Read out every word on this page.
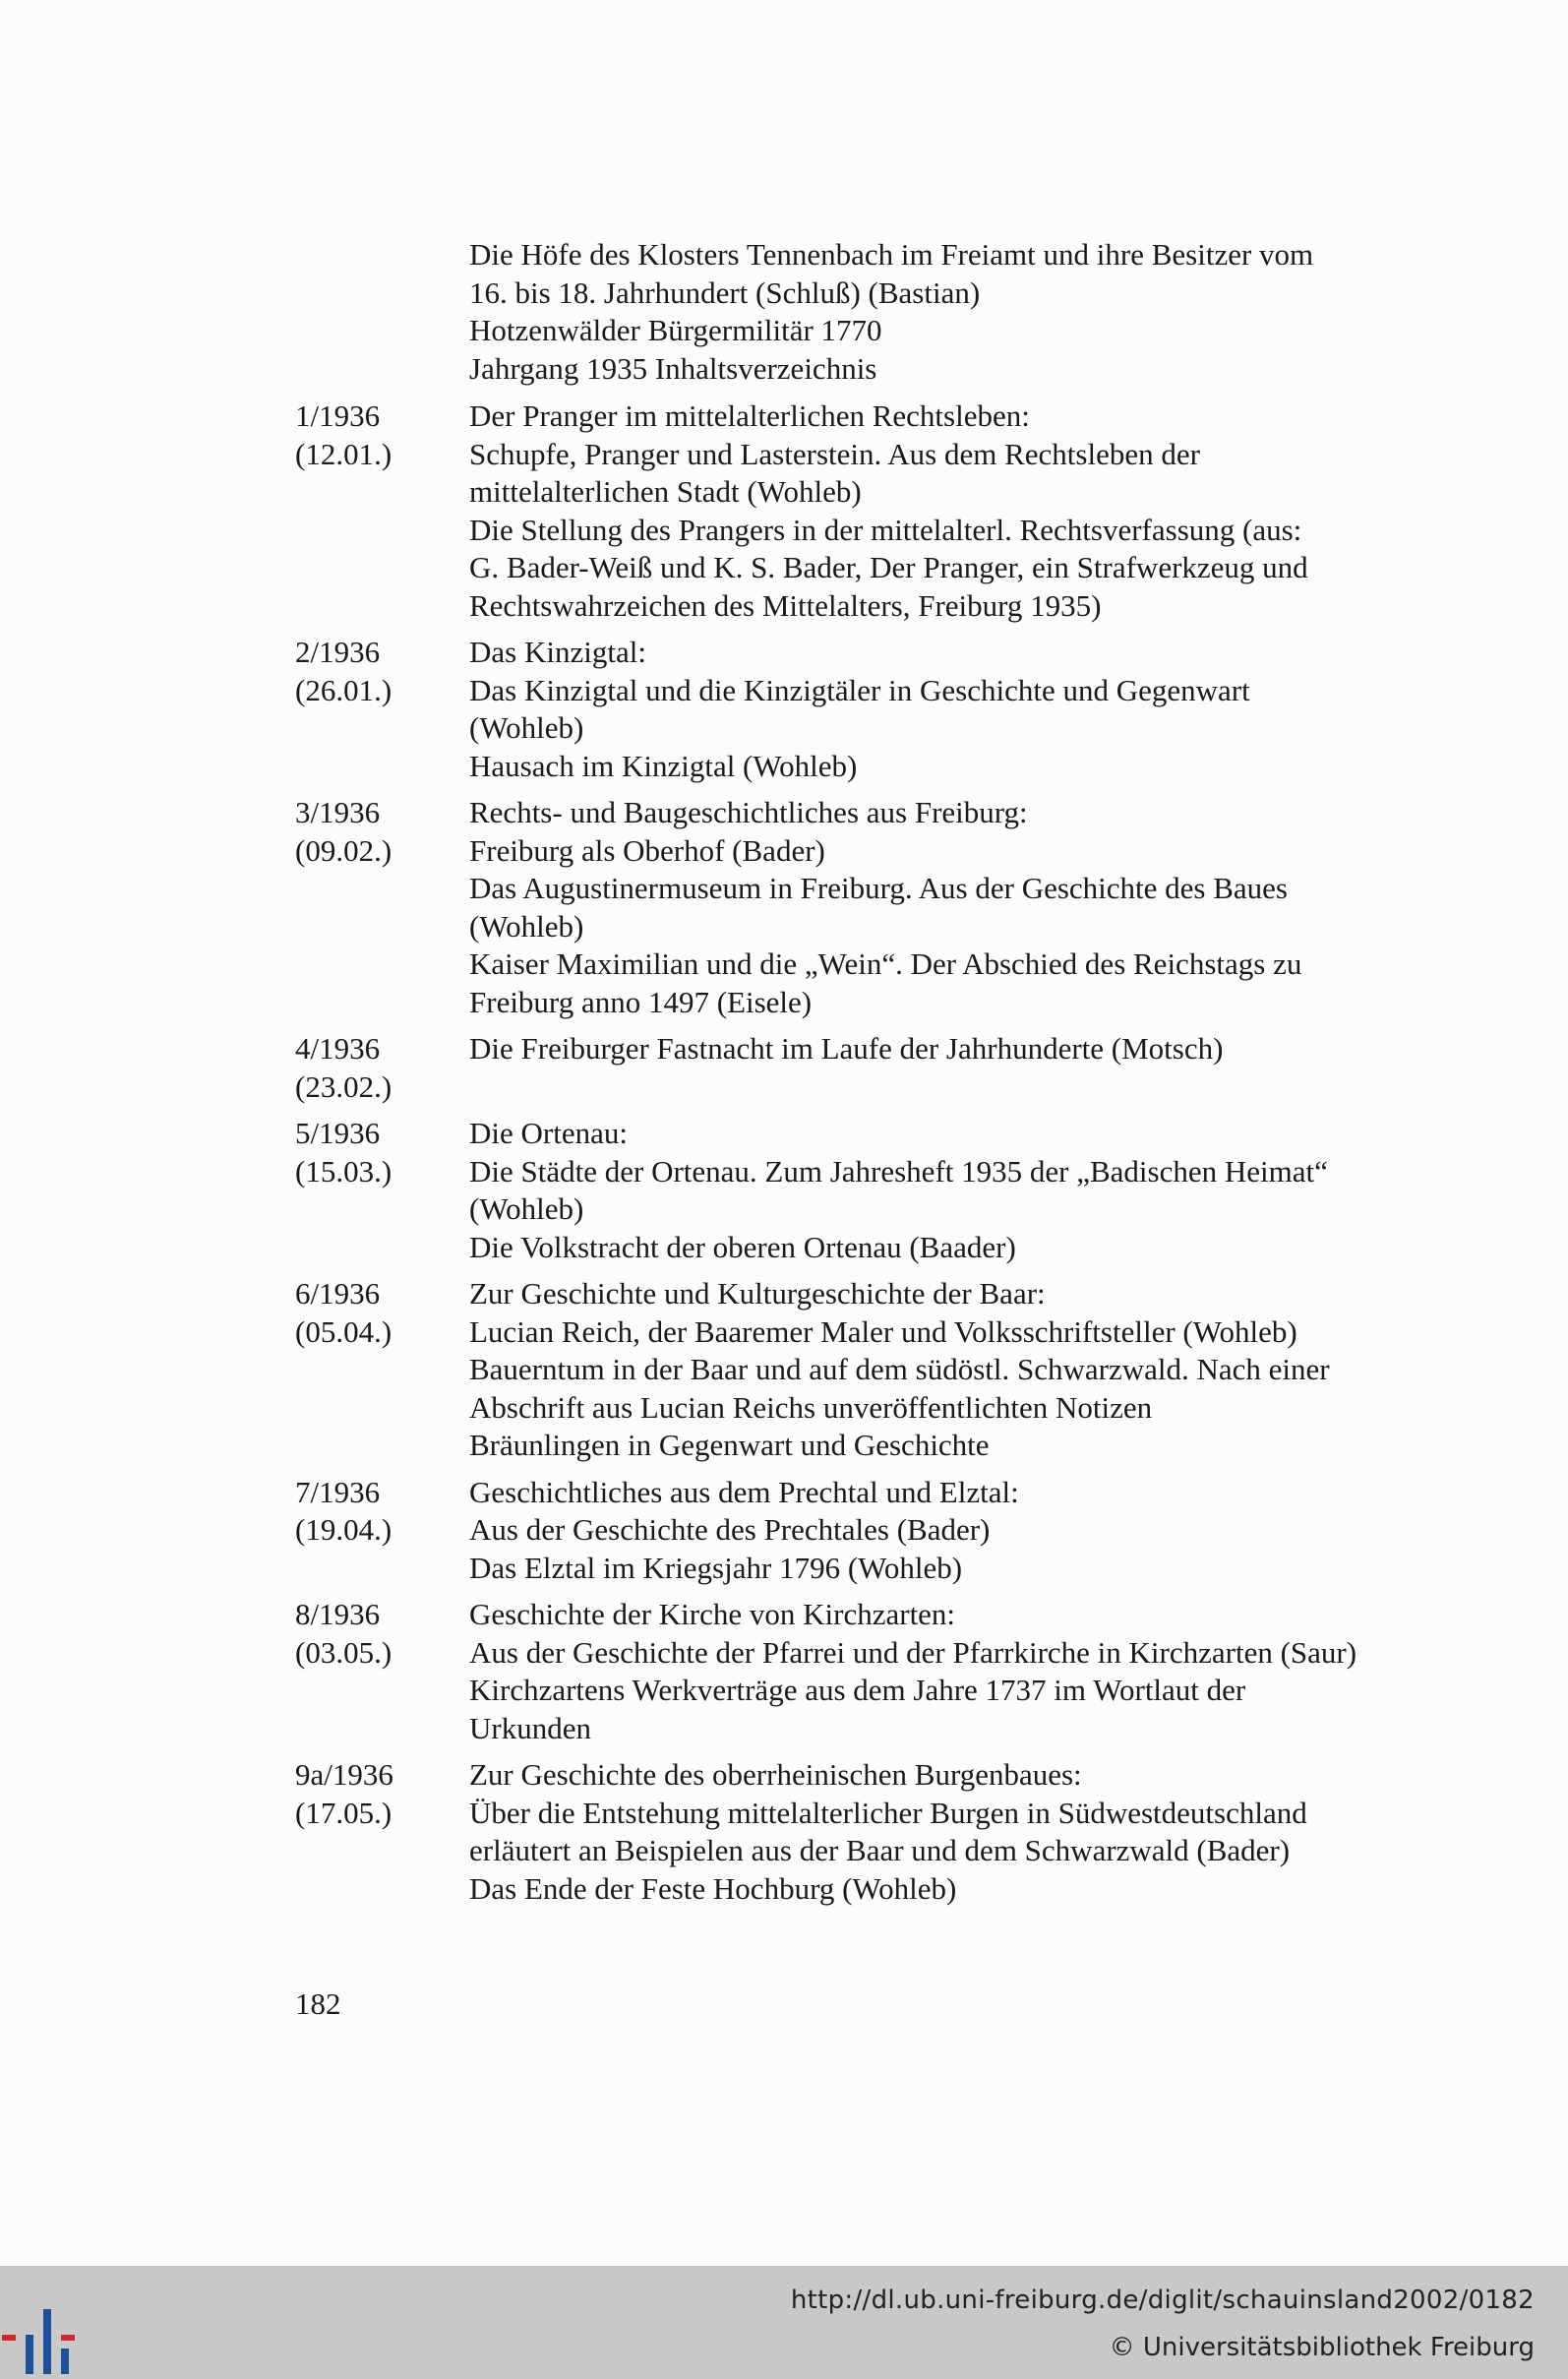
Die Höfe des Klosters Tennenbach im Freiamt und ihre Besitzer vom
16. bis 18. Jahrhundert (Schluß) (Bastian)
Hotzenwälder Bürgermilitär 1770
Jahrgang 1935 Inhaltsverzeichnis
1/1936
(12.01.)
Der Pranger im mittelalterlichen Rechtsleben:
Schupfe, Pranger und Lasterstein. Aus dem Rechtsleben der
mittelalterlichen Stadt (Wohleb)
Die Stellung des Prangers in der mittelalterl. Rechtsverfassung (aus:
G. Bader-Weiß und K. S. Bader, Der Pranger, ein Strafwerkzeug und
Rechtswahrzeichen des Mittelalters, Freiburg 1935)
2/1936
(26.01.)
Das Kinzigtal:
Das Kinzigtal und die Kinzigtäler in Geschichte und Gegenwart
(Wohleb)
Hausach im Kinzigtal (Wohleb)
3/1936
(09.02.)
Rechts- und Baugeschichtliches aus Freiburg:
Freiburg als Oberhof (Bader)
Das Augustinermuseum in Freiburg. Aus der Geschichte des Baues
(Wohleb)
Kaiser Maximilian und die „Wein“. Der Abschied des Reichstags zu
Freiburg anno 1497 (Eisele)
4/1936
(23.02.)
Die Freiburger Fastnacht im Laufe der Jahrhunderte (Motsch)

5/1936
(15.03.)
Die Ortenau:
Die Städte der Ortenau. Zum Jahresheft 1935 der „Badischen Heimat“
(Wohleb)
Die Volkstracht der oberen Ortenau (Baader)
6/1936
(05.04.)
Zur Geschichte und Kulturgeschichte der Baar:
Lucian Reich, der Baaremer Maler und Volksschriftsteller (Wohleb)
Bauerntum in der Baar und auf dem südöstl. Schwarzwald. Nach einer
Abschrift aus Lucian Reichs unveröffentlichten Notizen
Bräunlingen in Gegenwart und Geschichte
7/1936
(19.04.)
Geschichtliches aus dem Prechtal und Elztal:
Aus der Geschichte des Prechtales (Bader)
Das Elztal im Kriegsjahr 1796 (Wohleb)
8/1936
(03.05.)
Geschichte der Kirche von Kirchzarten:
Aus der Geschichte der Pfarrei und der Pfarrkirche in Kirchzarten (Saur)
Kirchzartens Werkverträge aus dem Jahre 1737 im Wortlaut der
Urkunden
9a/1936
(17.05.)
Zur Geschichte des oberrheinischen Burgenbaues:
Über die Entstehung mittelalterlicher Burgen in Südwestdeutschland
erläutert an Beispielen aus der Baar und dem Schwarzwald (Bader)
Das Ende der Feste Hochburg (Wohleb)
182
http://dl.ub.uni-freiburg.de/diglit/schauinsland2002/0182
© Universitätsbibliothek Freiburg
